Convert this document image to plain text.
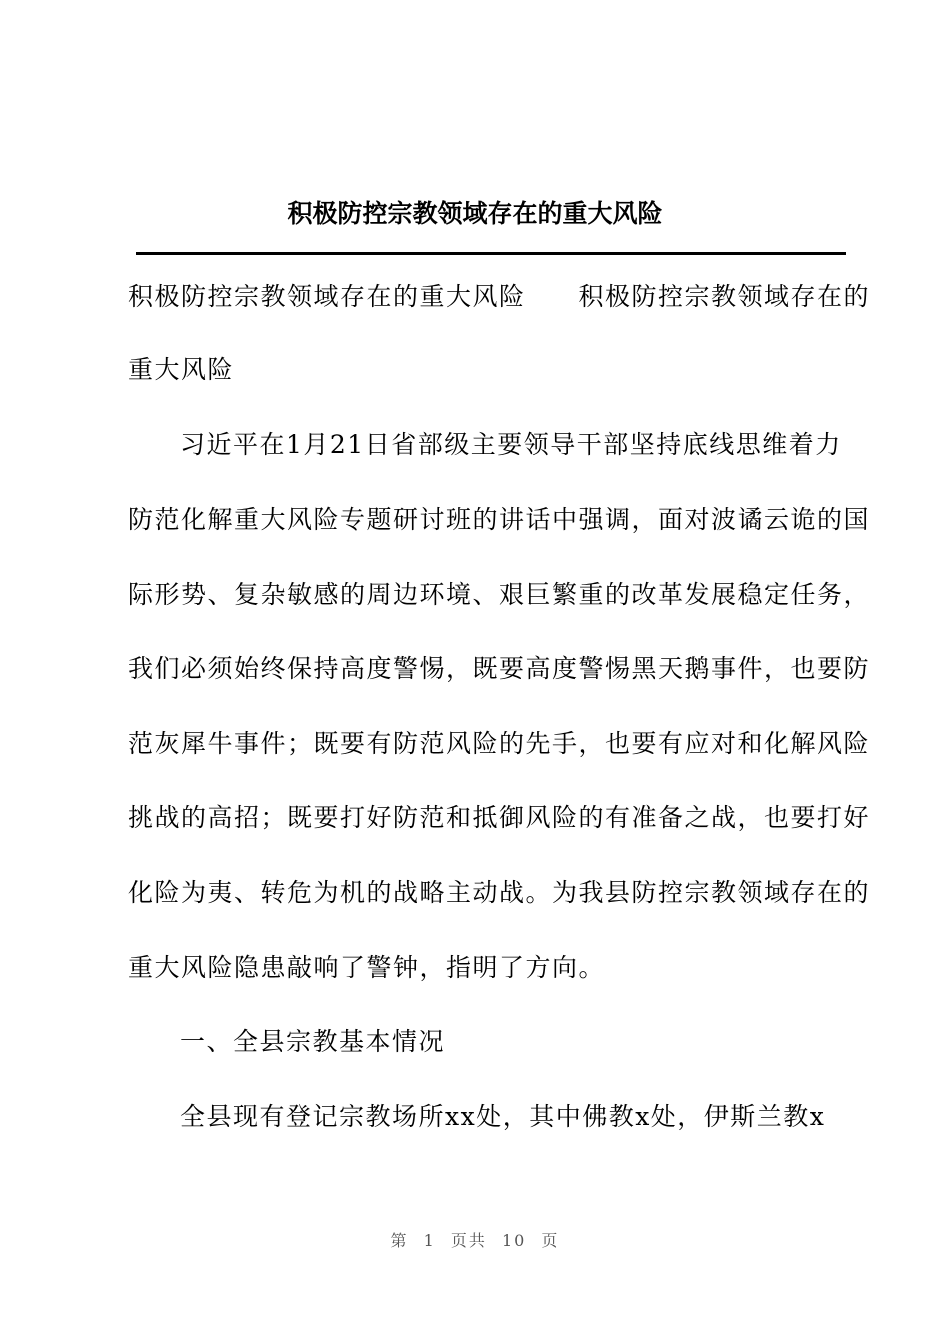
积极防控宗教领域存在的重大风险
积极防控宗教领域存在的重大风险　　积极防控宗教领域存在的
重大风险
习近平在1月21日省部级主要领导干部坚持底线思维着力
防范化解重大风险专题研讨班的讲话中强调，面对波谲云诡的国
际形势、复杂敏感的周边环境、艰巨繁重的改革发展稳定任务，
我们必须始终保持高度警惕，既要高度警惕黑天鹅事件，也要防
范灰犀牛事件；既要有防范风险的先手，也要有应对和化解风险
挑战的高招；既要打好防范和抵御风险的有准备之战，也要打好
化险为夷、转危为机的战略主动战。为我县防控宗教领域存在的
重大风险隐患敲响了警钟，指明了方向。
一、全县宗教基本情况
全县现有登记宗教场所xx处，其中佛教x处，伊斯兰教x
第 1 页共 10 页
